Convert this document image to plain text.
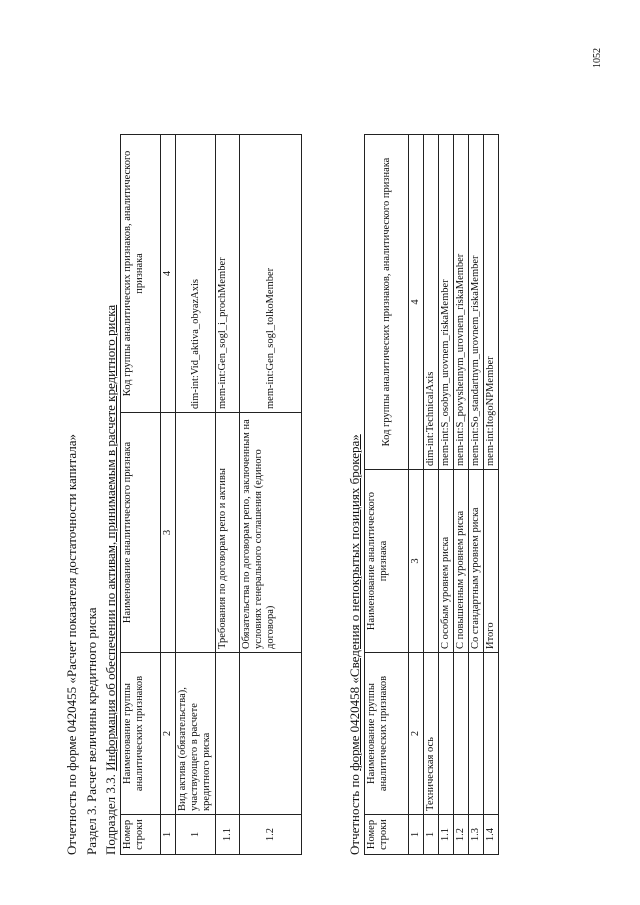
1052
Отчетность по форме 0420455 «Расчет показателя достаточности капитала» Раздел 3. Расчет величины кредитного риска Подраздел 3.3. Информация об обеспечении по активам, принимаемым в расчете кредитного риска
Номер строки	Наименование группы аналитических признаков	Наименование аналитического признака	Код группы аналитических признаков, аналитического признака
1	2	3	4
1	Вид актива (обязательства), участвующего в расчете кредитного риска		dim-int:Vid_aktiva_obyazAxis
1.1		Требования по договорам репо и активы	mem-int:Gen_sogl_i_prochMember
1.2		Обязательства по договорам репо, заключенным на условиях генерального соглашения (единого договора)	mem-int:Gen_sogl_tolkoMember
Отчетность по форме 0420458 «Сведения о непокрытых позициях брокера»
Номер строки	Наименование группы аналитических признаков	Наименование аналитического признака	Код группы аналитических признаков, аналитического признака
1	2	3	4
1	Техническая ось		dim-int:TechnicalAxis
1.1		С особым уровнем риска	mem-int:S_osobym_urovnem_riskaMember
1.2		С повышенным уровнем риска	mem-int:S_povyshennym_urovnem_riskaMember
1.3		Со стандартным уровнем риска	mem-int:So_standartnym_urovnem_riskaMember
1.4		Итого	mem-int:ItogoNPMember
